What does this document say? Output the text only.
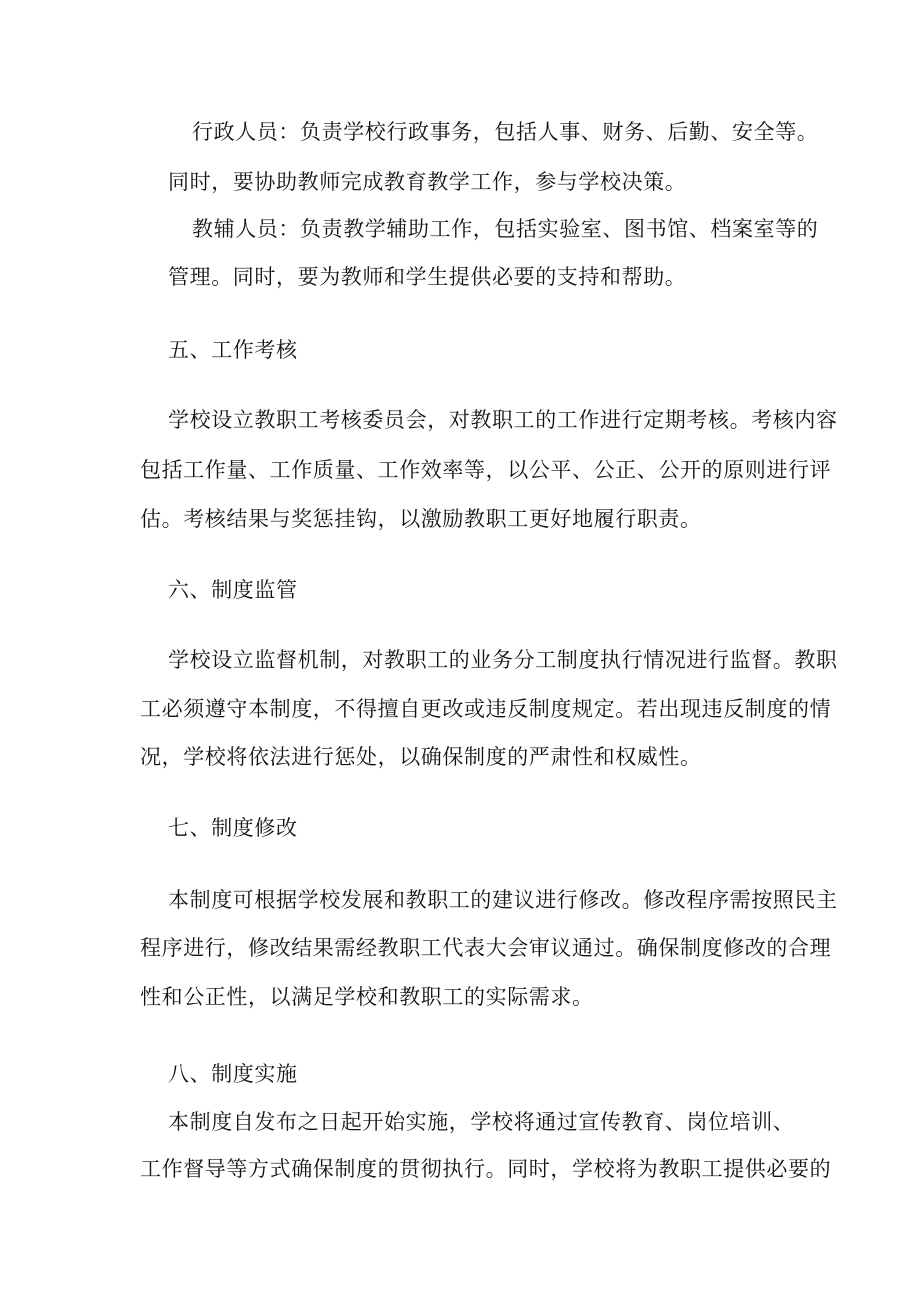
行政人员：负责学校行政事务，包括人事、财务、后勤、安全等。
同时，要协助教师完成教育教学工作，参与学校决策。
教辅人员：负责教学辅助工作，包括实验室、图书馆、档案室等的
管理。同时，要为教师和学生提供必要的支持和帮助。
五、工作考核
学校设立教职工考核委员会，对教职工的工作进行定期考核。考核内容
包括工作量、工作质量、工作效率等，以公平、公正、公开的原则进行评
估。考核结果与奖惩挂钩，以激励教职工更好地履行职责。
六、制度监管
学校设立监督机制，对教职工的业务分工制度执行情况进行监督。教职
工必须遵守本制度，不得擅自更改或违反制度规定。若出现违反制度的情
况，学校将依法进行惩处，以确保制度的严肃性和权威性。
七、制度修改
本制度可根据学校发展和教职工的建议进行修改。修改程序需按照民主
程序进行，修改结果需经教职工代表大会审议通过。确保制度修改的合理
性和公正性，以满足学校和教职工的实际需求。
八、制度实施
本制度自发布之日起开始实施，学校将通过宣传教育、岗位培训、
工作督导等方式确保制度的贯彻执行。同时，学校将为教职工提供必要的
